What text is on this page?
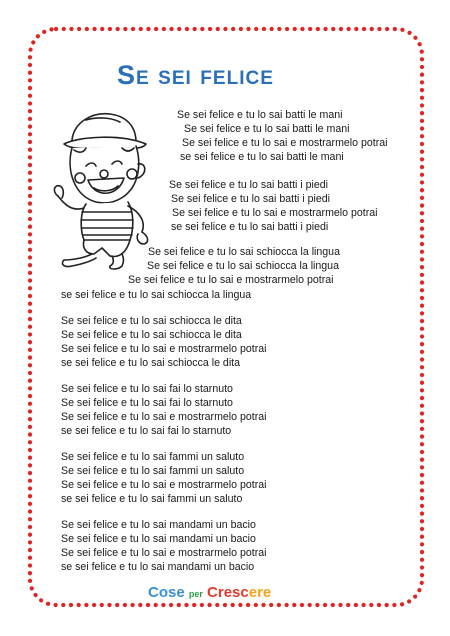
Se sei felice
Se sei felice e tu lo sai batti le mani
Se sei felice e tu lo sai batti le mani
Se sei felice e tu lo sai e mostrarmelo potrai
se sei felice e tu lo sai batti le mani
Se sei felice e tu lo sai batti i piedi
Se sei felice e tu lo sai batti i piedi
Se sei felice e tu lo sai e mostrarmelo potrai
se sei felice e tu lo sai batti i piedi
Se sei felice e tu lo sai schiocca la lingua
Se sei felice e tu lo sai schiocca la lingua
Se sei felice e tu lo sai e mostrarmelo potrai
se sei felice e tu lo sai schiocca la lingua
Se sei felice e tu lo sai schiocca le dita
Se sei felice e tu lo sai schiocca le dita
Se sei felice e tu lo sai e mostrarmelo potrai
se sei felice e tu lo sai schiocca le dita
Se sei felice e tu lo sai fai lo starnuto
Se sei felice e tu lo sai fai lo starnuto
Se sei felice e tu lo sai e mostrarmelo potrai
se sei felice e tu lo sai fai lo starnuto
Se sei felice e tu lo sai fammi un saluto
Se sei felice e tu lo sai fammi un saluto
Se sei felice e tu lo sai e mostrarmelo potrai
se sei felice e tu lo sai fammi un saluto
Se sei felice e tu lo sai mandami un bacio
Se sei felice e tu lo sai mandami un bacio
Se sei felice e tu lo sai e mostrarmelo potrai
se sei felice e tu lo sai mandami un bacio
Cose per Crescere
